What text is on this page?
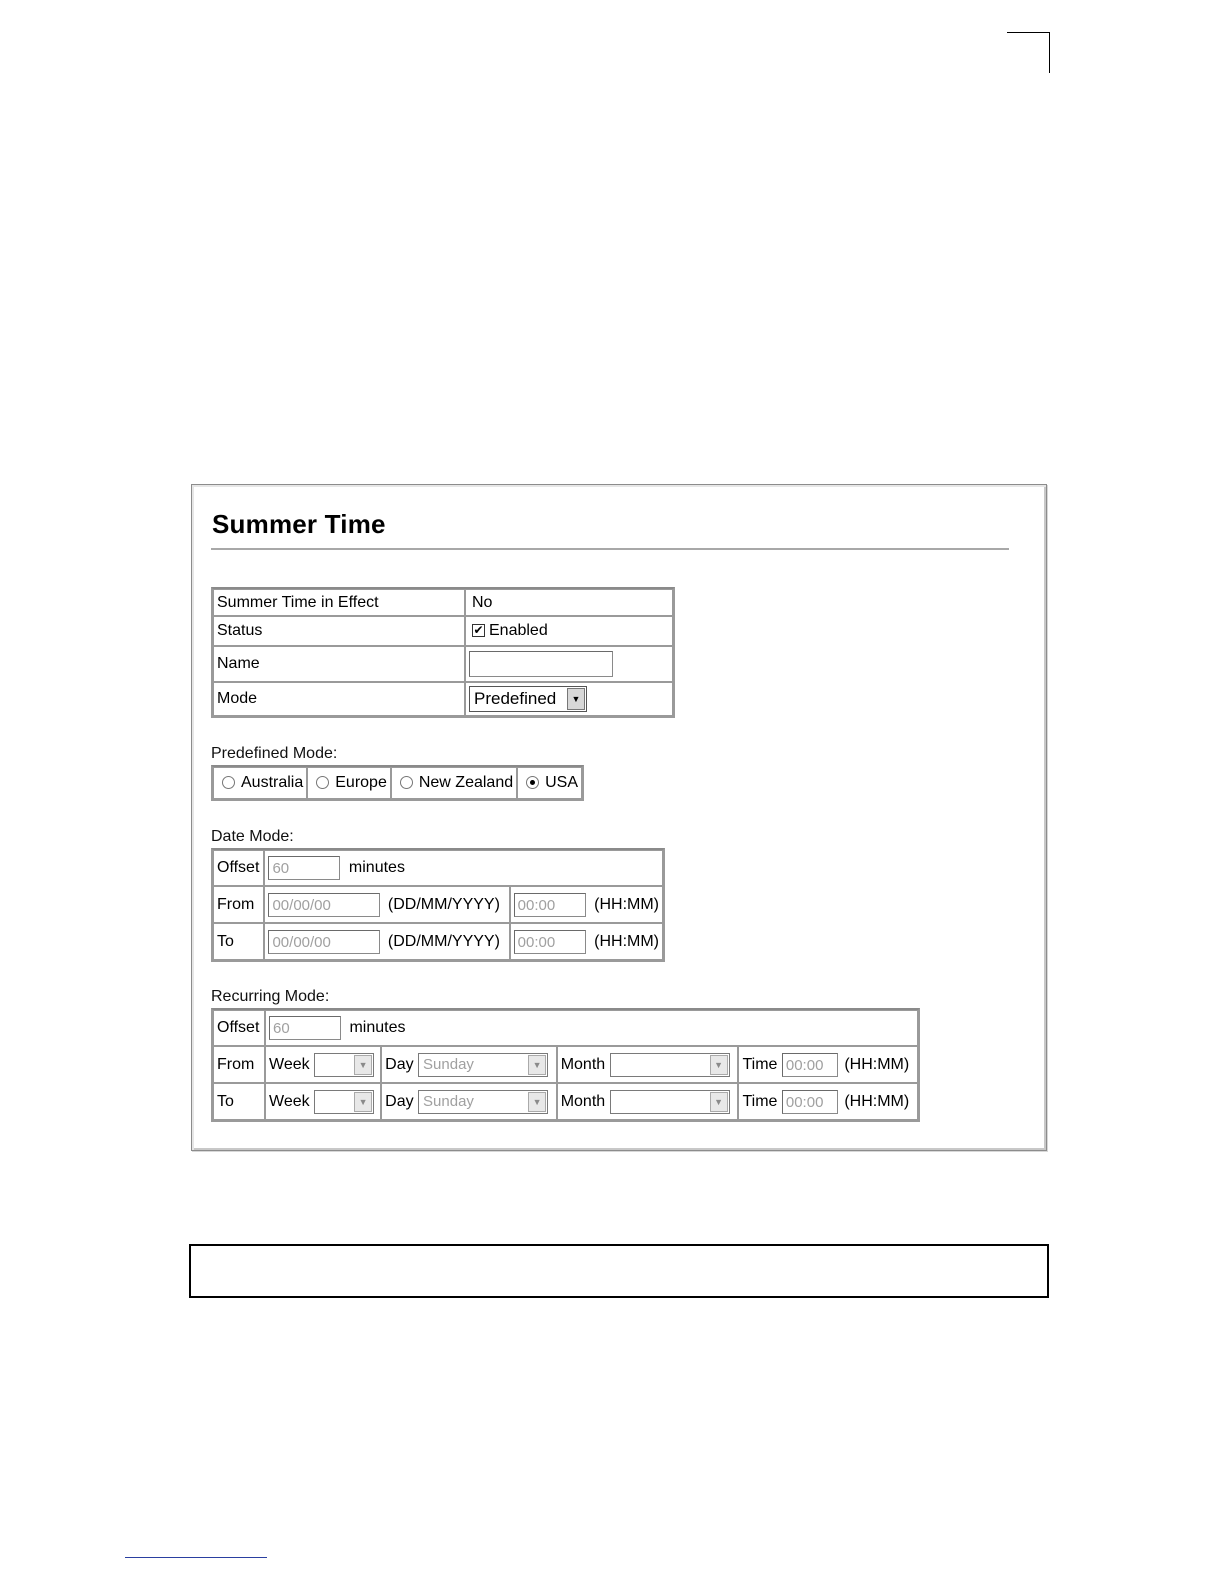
Summer Time
Summer Time in Effect	No
Status	✔ Enabled
Name	
Mode	Predefined ▼
Predefined Mode:
Australia	Europe	New Zealand	USA
Date Mode:
Offset	60 minutes	
From	00/00/00 (DD/MM/YYYY)	00:00 (HH:MM)
To	00/00/00 (DD/MM/YYYY)	00:00 (HH:MM)
Recurring Mode:
Offset	60 minutes			
From	Week ▼	Day Sunday ▼	Month ▼	Time 00:00 (HH:MM)
To	Week ▼	Day Sunday ▼	Month ▼	Time 00:00 (HH:MM)
